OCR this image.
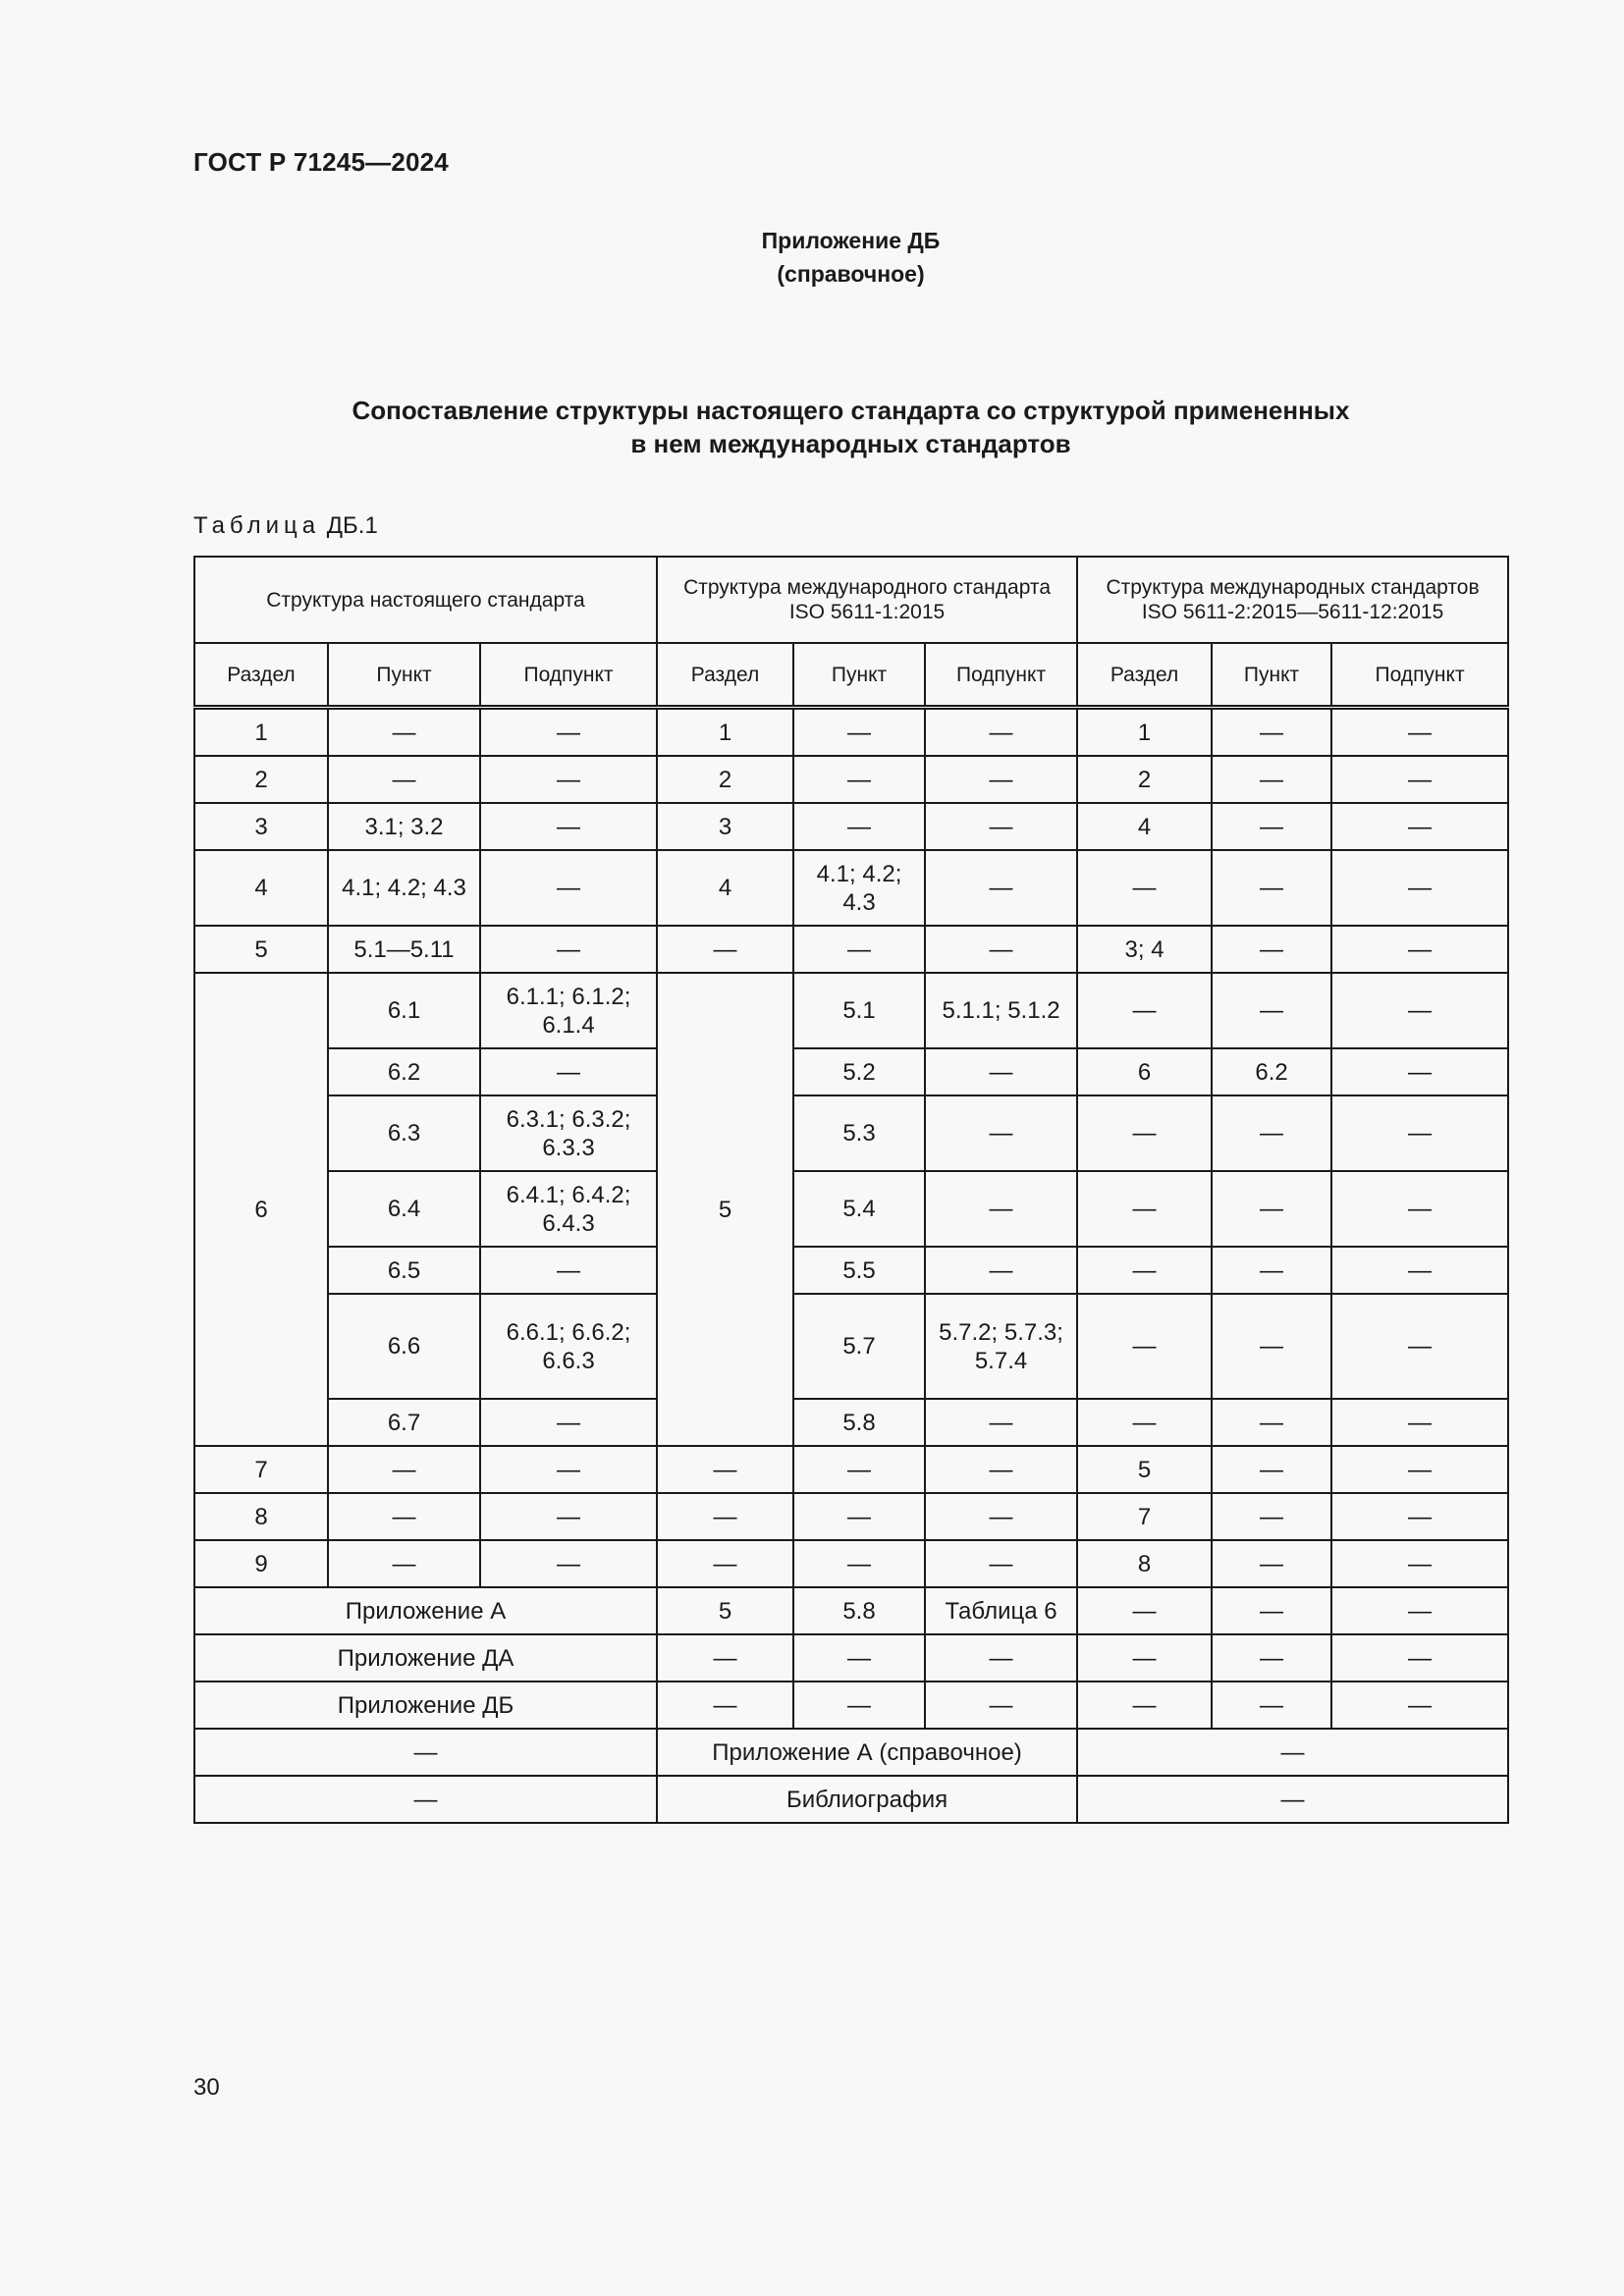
ГОСТ Р 71245—2024
Приложение ДБ
(справочное)
Сопоставление структуры настоящего стандарта со структурой примененных
в нем международных стандартов
Таблица ДБ.1
Структура настоящего стандарта			Структура международного стандарта ISO 5611-1:2015			Структура международных стандартов ISO 5611-2:2015—5611-12:2015		
Раздел	Пункт	Подпункт	Раздел	Пункт	Подпункт	Раздел	Пункт	Подпункт
1	—	—	1	—	—	1	—	—
2	—	—	2	—	—	2	—	—
3	3.1; 3.2	—	3	—	—	4	—	—
4	4.1; 4.2; 4.3	—	4	4.1; 4.2; 4.3	—	—	—	—
5	5.1—5.11	—	—	—	—	3; 4	—	—
6	6.1	6.1.1; 6.1.2; 6.1.4	5	5.1	5.1.1; 5.1.2	—	—	—
	6.2	—		5.2	—	6	6.2	—
	6.3	6.3.1; 6.3.2; 6.3.3		5.3	—	—	—	—
	6.4	6.4.1; 6.4.2; 6.4.3		5.4	—	—	—	—
	6.5	—		5.5	—	—	—	—
	6.6	6.6.1; 6.6.2; 6.6.3		5.7	5.7.2; 5.7.3; 5.7.4	—	—	—
	6.7	—		5.8	—	—	—	—
7	—	—	—	—	—	5	—	—
8	—	—	—	—	—	7	—	—
9	—	—	—	—	—	8	—	—
Приложение А			5	5.8	Таблица 6	—	—	—
Приложение ДА			—	—	—	—	—	—
Приложение ДБ			—	—	—	—	—	—
—			Приложение А (справочное)			—		
—			Библиография			—		
30
